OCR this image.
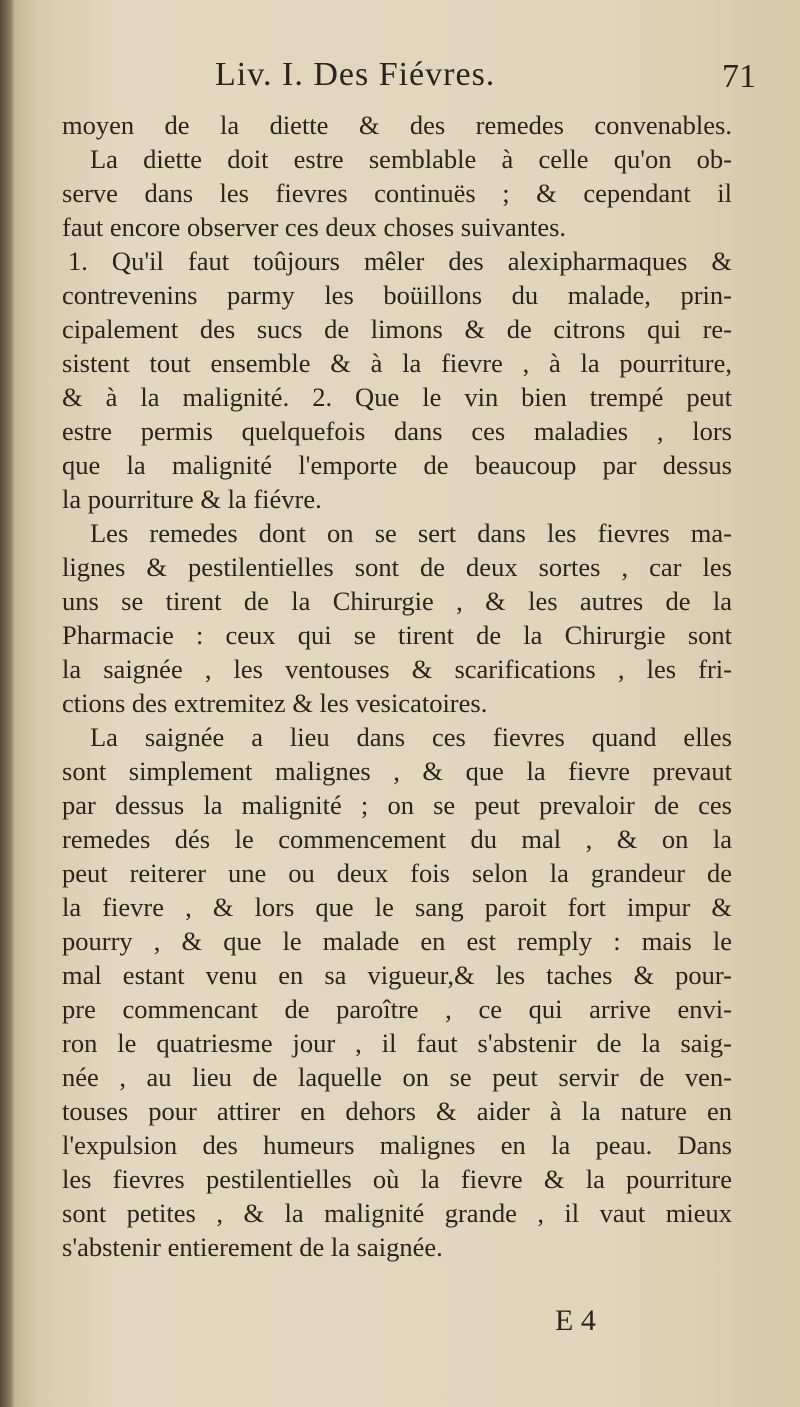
Liv. I. Des Fiévres.	71
moyen de la diette & des remedes convenables.
La diette doit estre semblable à celle qu'on ob-
serve dans les fievres continuës ; & cependant il
faut encore observer ces deux choses suivantes.
1. Qu'il faut toûjours mêler des alexipharmaques &
contrevenins parmy les boüillons du malade, prin-
cipalement des sucs de limons & de citrons qui re-
sistent tout ensemble & à la fievre , à la pourriture,
& à la malignité. 2. Que le vin bien trempé peut
estre permis quelquefois dans ces maladies , lors
que la malignité l'emporte de beaucoup par dessus
la pourriture & la fiévre.
Les remedes dont on se sert dans les fievres ma-
lignes & pestilentielles sont de deux sortes , car les
uns se tirent de la Chirurgie , & les autres de la
Pharmacie : ceux qui se tirent de la Chirurgie sont
la saignée , les ventouses & scarifications , les fri-
ctions des extremitez & les vesicatoires.
La saignée a lieu dans ces fievres quand elles
sont simplement malignes , & que la fievre prevaut
par dessus la malignité ; on se peut prevaloir de ces
remedes dés le commencement du mal , & on la
peut reiterer une ou deux fois selon la grandeur de
la fievre , & lors que le sang paroit fort impur &
pourry , & que le malade en est remply : mais le
mal estant venu en sa vigueur,& les taches & pour-
pre commencant de paroître , ce qui arrive envi-
ron le quatriesme jour , il faut s'abstenir de la saig-
née , au lieu de laquelle on se peut servir de ven-
touses pour attirer en dehors & aider à la nature en
l'expulsion des humeurs malignes en la peau. Dans
les fievres pestilentielles où la fievre & la pourriture
sont petites , & la malignité grande , il vaut mieux
s'abstenir entierement de la saignée.
E 4
